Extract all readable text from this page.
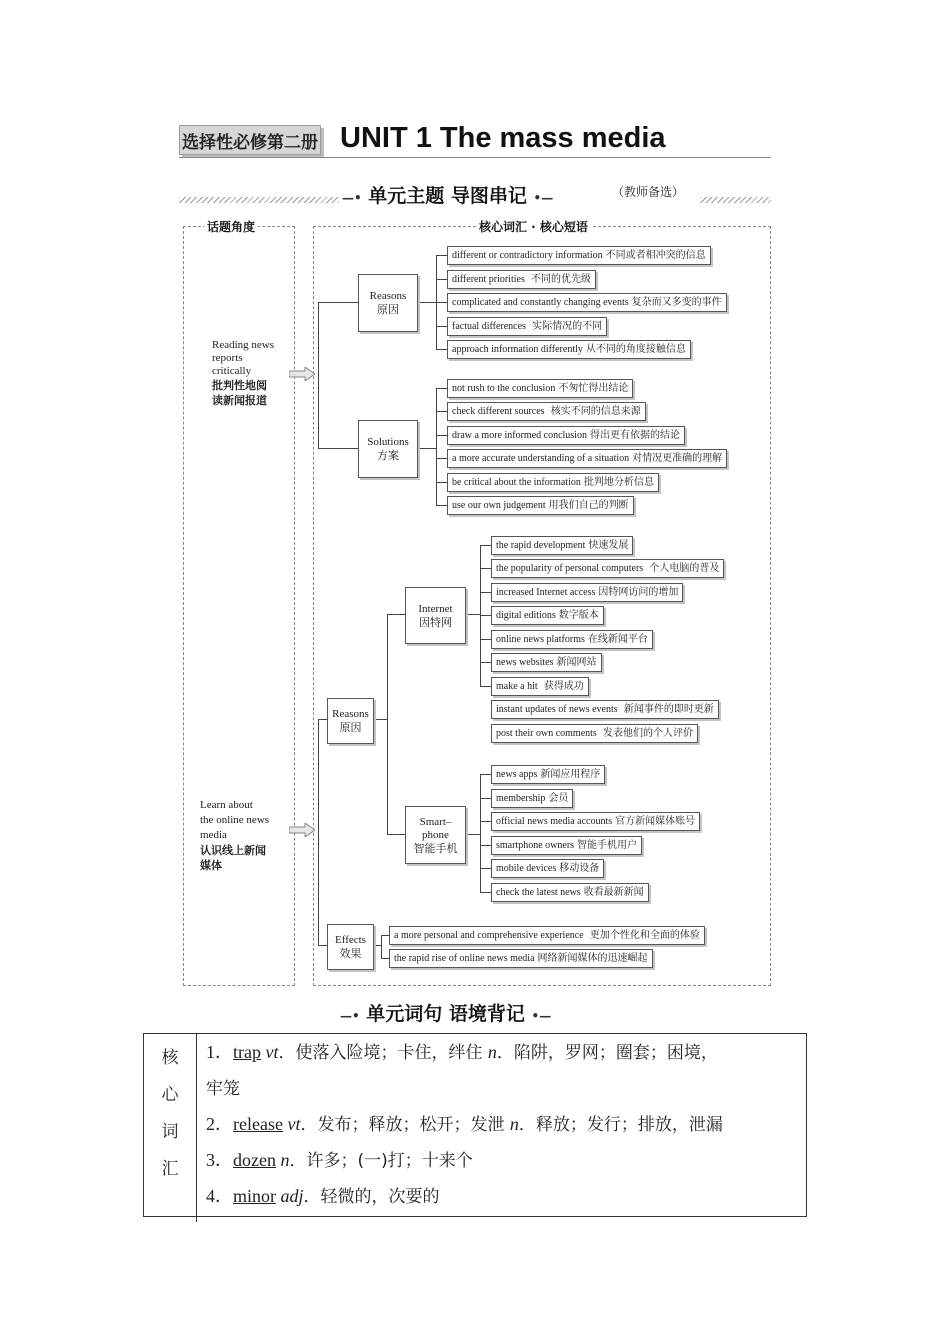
选择性必修第二册 UNIT 1 The mass media
—• 单元主题 导图串记 •—	（教师备选）
话题角度	核心词汇 · 核心短语
Reading news
reports
critically
批判性地阅
读新闻报道
Learn about
the online news
media
认识线上新闻
媒体
Reasons
原因
Solutions
方案
different or contradictory information 不同或者相冲突的信息
different priorities 不同的优先级
complicated and constantly changing events 复杂而又多变的事件
factual differences 实际情况的不同
approach information differently 从不同的角度接触信息
not rush to the conclusion 不匆忙得出结论
check different sources 核实不同的信息来源
draw a more informed conclusion 得出更有依据的结论
a more accurate understanding of a situation 对情况更准确的理解
be critical about the information 批判地分析信息
use our own judgement 用我们自己的判断
Reasons
原因
Internet
因特网
Smart–
phone
智能手机
Effects
效果
the rapid development 快速发展
the popularity of personal computers 个人电脑的普及
increased Internet access 因特网访问的增加
digital editions 数字版本
online news platforms 在线新闻平台
news websites 新闻网站
make a hit 获得成功
instant updates of news events 新闻事件的即时更新
post their own comments 发表他们的个人评价
news apps 新闻应用程序
membership 会员
official news media accounts 官方新闻媒体账号
smartphone owners 智能手机用户
mobile devices 移动设备
check the latest news 收看最新新闻
a more personal and comprehensive experience 更加个性化和全面的体验
the rapid rise of online news media 网络新闻媒体的迅速崛起
—• 单元词句 语境背记 •—
核
心
词
汇
1．trap vt．使落入险境；卡住，绊住 n．陷阱，罗网；圈套；困境，
牢笼
2．release vt．发布；释放；松开；发泄 n．释放；发行；排放，泄漏
3．dozen n．许多；(一)打；十来个
4．minor adj．轻微的，次要的
